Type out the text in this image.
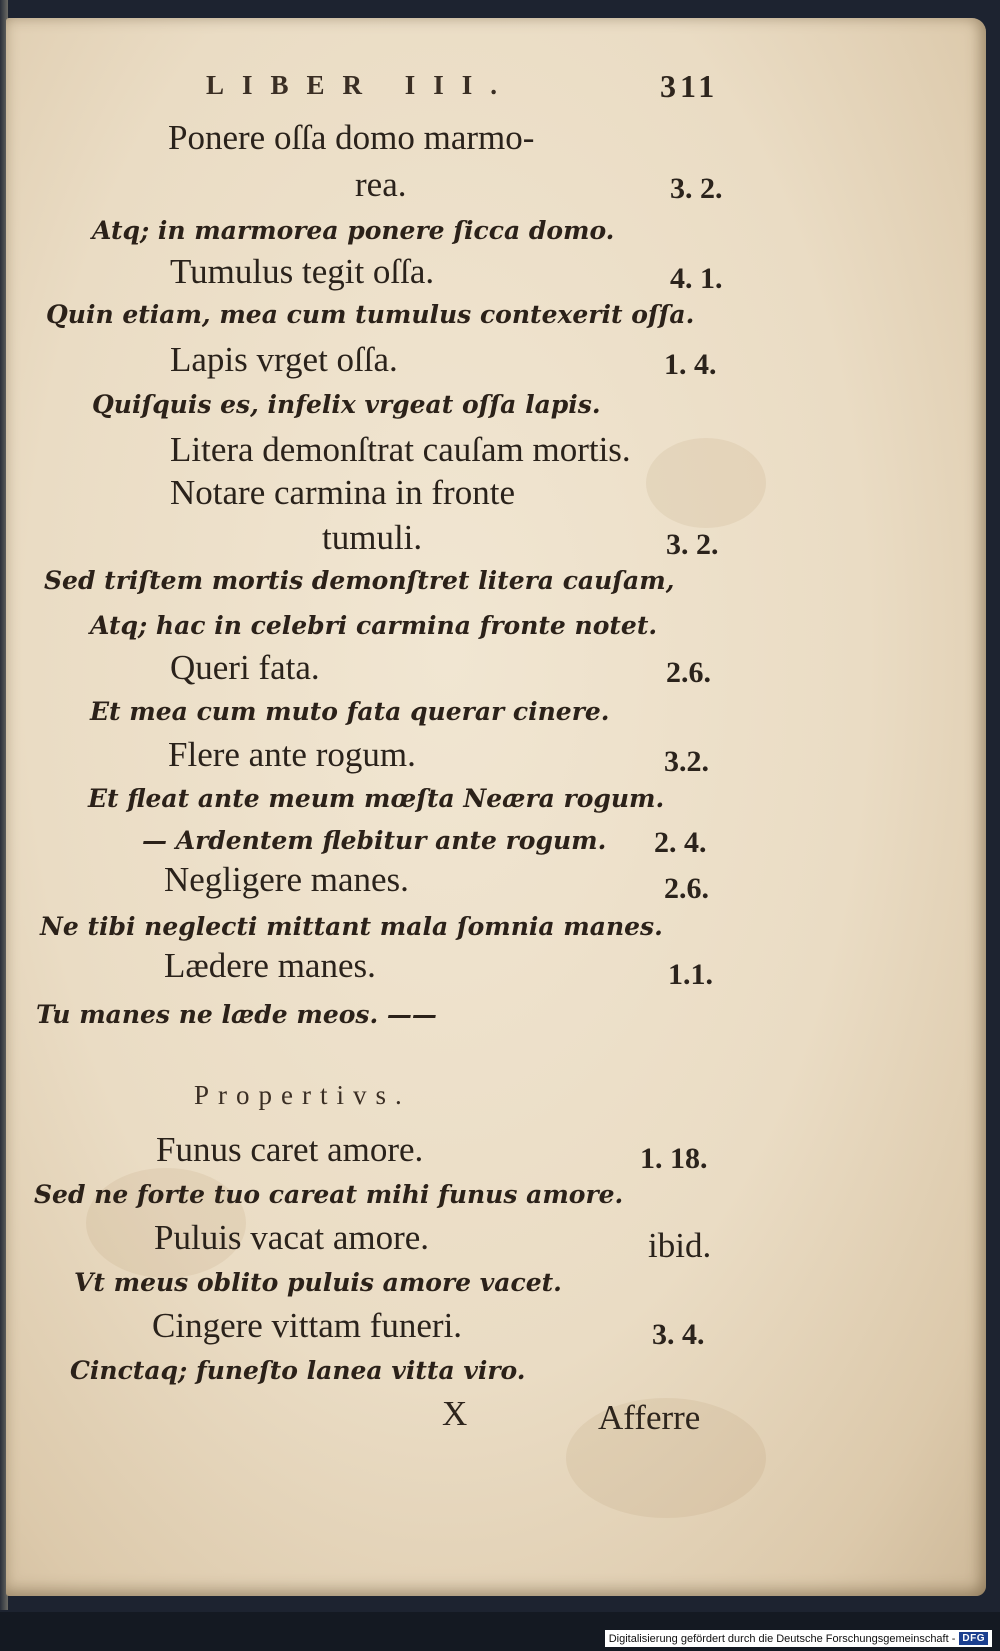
LIBER III.	311
Ponere oſſa domo marmo-
rea.	3. 2.
Atq; in marmorea ponere ſicca domo.
Tumulus tegit oſſa.	4. 1.
Quin etiam, mea cum tumulus contexerit oſſa.
Lapis vrget oſſa.	1. 4.
Quiſquis es, infelix vrgeat oſſa lapis.
Litera demonſtrat cauſam mortis.
Notare carmina in fronte
tumuli.	3. 2.
Sed triſtem mortis demonſtret litera cauſam,
Atq; hac in celebri carmina fronte notet.
Queri fata.	2.6.
Et mea cum muto fata querar cinere.
Flere ante rogum.	3.2.
Et fleat ante meum mœſta Neæra rogum.
— Ardentem flebitur ante rogum. 2. 4.
Negligere manes.	2.6.
Ne tibi neglecti mittant mala ſomnia manes.
Lædere manes.	1.1.
Tu manes ne læde meos. ——
Propertivs.
Funus caret amore.	1. 18.
Sed ne forte tuo careat mihi funus amore.
Puluis vacat amore.	ibid.
Vt meus oblito puluis amore vacet.
Cingere vittam funeri.	3. 4.
Cinctaq; funeſto lanea vitta viro.
X	Afferre
Digitalisierung gefördert durch die Deutsche Forschungsgemeinschaft - DFG
